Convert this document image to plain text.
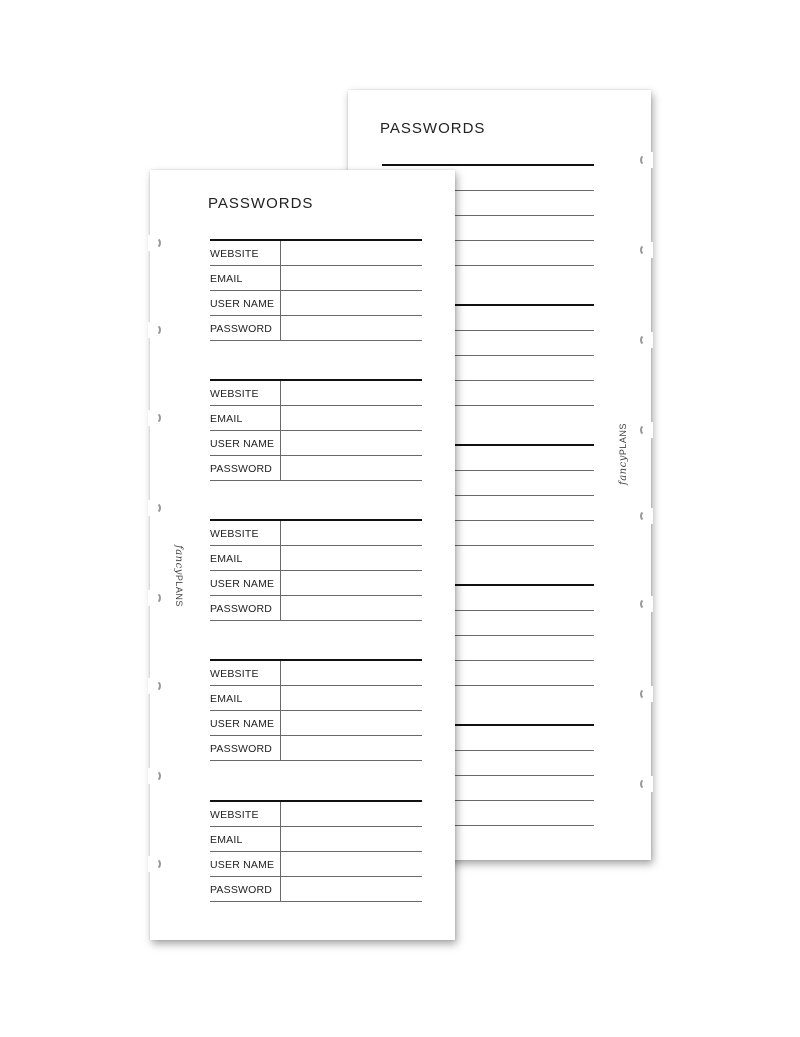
PASSWORDS
fancyPLANS
PASSWORDS
WEBSITE
EMAIL
USER NAME
PASSWORD
WEBSITE
EMAIL
USER NAME
PASSWORD
WEBSITE
EMAIL
USER NAME
PASSWORD
WEBSITE
EMAIL
USER NAME
PASSWORD
WEBSITE
EMAIL
USER NAME
PASSWORD
fancyPLANS
